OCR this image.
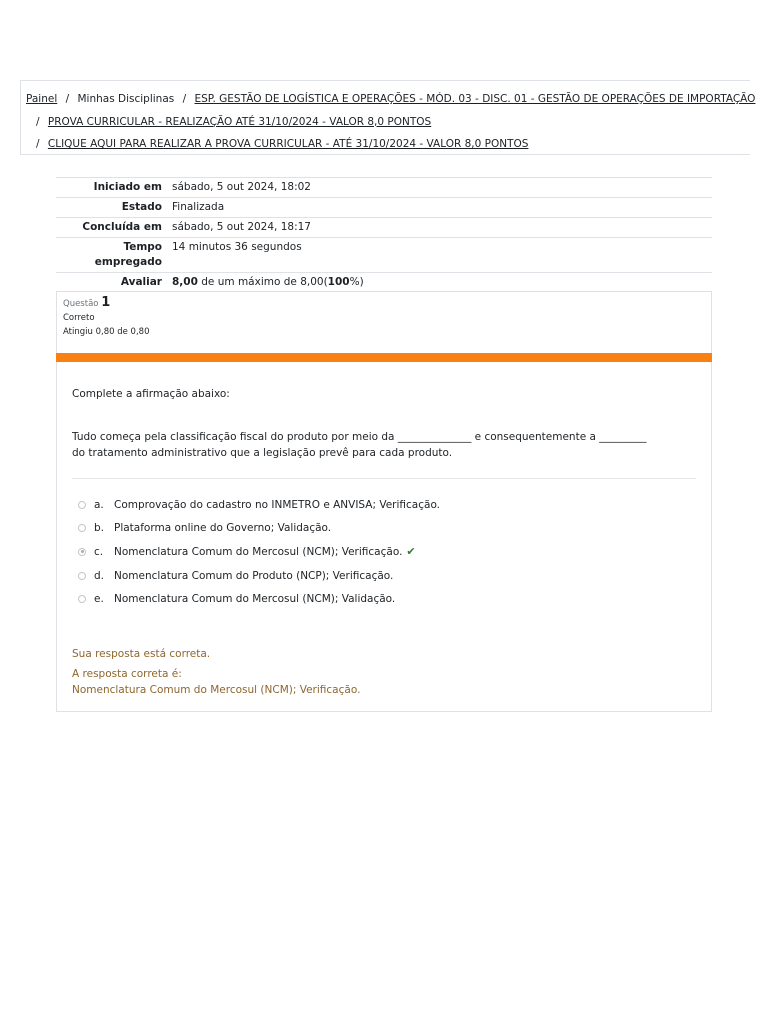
Painel / Minhas Disciplinas / ESP. GESTÃO DE LOGÍSTICA E OPERAÇÕES - MÓD. 03 - DISC. 01 - GESTÃO DE OPERAÇÕES DE IMPORTAÇÃO
/ PROVA CURRICULAR - REALIZAÇÃO ATÉ 31/10/2024 - VALOR 8,0 PONTOS
/ CLIQUE AQUI PARA REALIZAR A PROVA CURRICULAR - ATÉ 31/10/2024 - VALOR 8,0 PONTOS
Iniciado em	sábado, 5 out 2024, 18:02
Estado	Finalizada
Concluída em	sábado, 5 out 2024, 18:17
Tempo empregado	14 minutos 36 segundos
Avaliar	8,00 de um máximo de 8,00(100%)
Questão 1
Correto
Atingiu 0,80 de 0,80
Complete a afirmação abaixo:
Tudo começa pela classificação fiscal do produto por meio da ______________ e consequentemente a _________ do tratamento administrativo que a legislação prevê para cada produto.
a. Comprovação do cadastro no INMETRO e ANVISA; Verificação.
b. Plataforma online do Governo; Validação.
c.	Nomenclatura Comum do Mercosul (NCM); Verificação. ✔
d. Nomenclatura Comum do Produto (NCP); Verificação.
e. Nomenclatura Comum do Mercosul (NCM); Validação.
Sua resposta está correta.
A resposta correta é:
Nomenclatura Comum do Mercosul (NCM); Verificação.
